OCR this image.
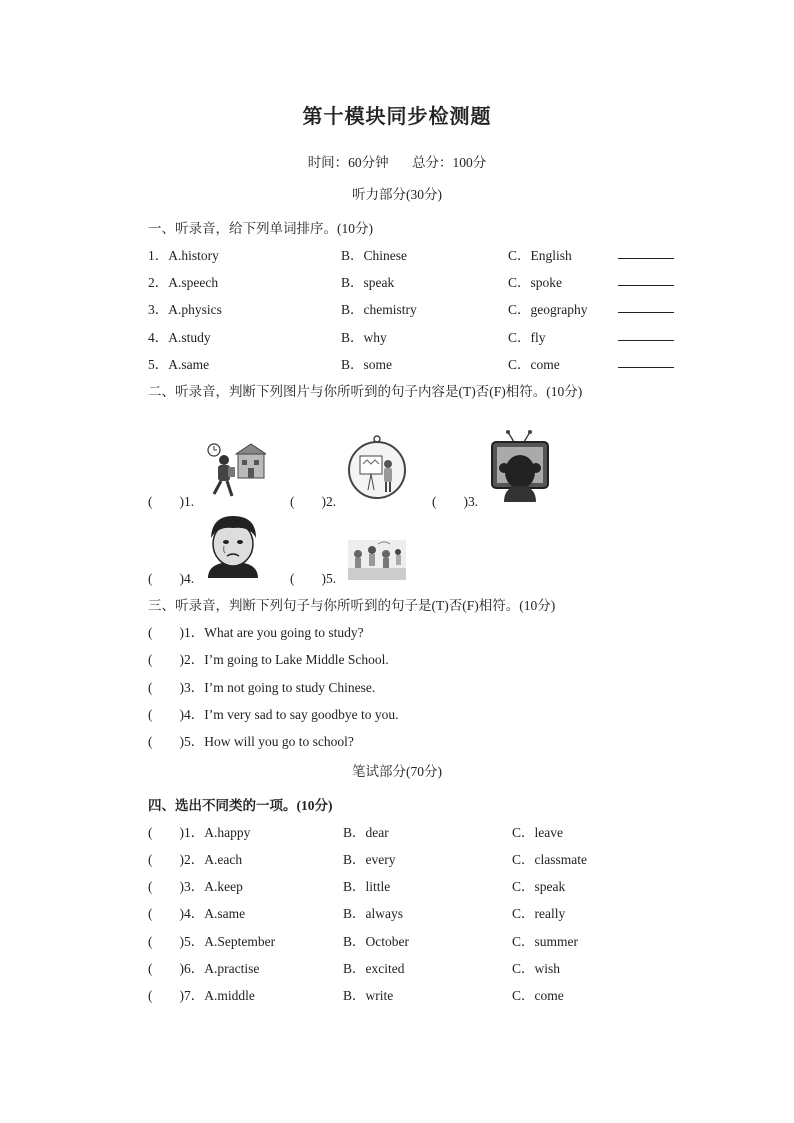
第十模块同步检测题
时间：60分钟 总分：100分
听力部分(30分)
一、听录音，给下列单词排序。(10分)
1．A.history	B．Chinese	C．English
2．A.speech	B．speak	C．spoke
3．A.physics	B．chemistry	C．geography
4．A.study	B．why	C．fly
5．A.same	B．some	C．come
二、听录音，判断下列图片与你所听到的句子内容是(T)否(F)相符。(10分)
(　　)1.	(　　)2.	(　　)3.
(　　)4.	(　　)5.
三、听录音，判断下列句子与你所听到的句子是(T)否(F)相符。(10分)
(　　)1．What are you going to study?
(　　)2．I’m going to Lake Middle School.
(　　)3．I’m not going to study Chinese.
(　　)4．I’m very sad to say goodbye to you.
(　　)5．How will you go to school?
笔试部分(70分)
四、选出不同类的一项。(10分)
(　　)1．A.happy	B．dear	C．leave
(　　)2．A.each	B．every	C．classmate
(　　)3．A.keep	B．little	C．speak
(　　)4．A.same	B．always	C．really
(　　)5．A.September	B．October	C．summer
(　　)6．A.practise	B．excited	C．wish
(　　)7．A.middle	B．write	C．come
